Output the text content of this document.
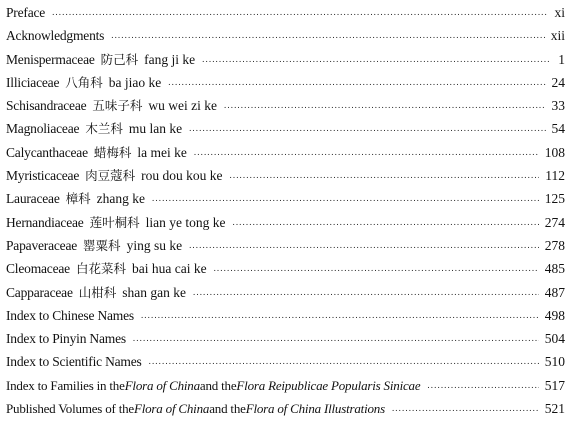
Preface .....	xi
Acknowledgments .....	xii
Menispermaceae 防己科 fang ji ke .....	1
Illiciaceae 八角科 ba jiao ke .....	24
Schisandraceae 五味子科 wu wei zi ke .....	33
Magnoliaceae 木兰科 mu lan ke .....	54
Calycanthaceae 蜡梅科 la mei ke .....	108
Myristicaceae 肉豆蔻科 rou dou kou ke .....	112
Lauraceae 樟科 zhang ke .....	125
Hernandiaceae 莲叶桐科 lian ye tong ke .....	274
Papaveraceae 罂粟科 ying su ke .....	278
Cleomaceae 白花菜科 bai hua cai ke .....	485
Capparaceae 山柑科 shan gan ke .....	487
Index to Chinese Names .....	498
Index to Pinyin Names .....	504
Index to Scientific Names .....	510
Index to Families in the Flora of China and the Flora Reipublicae Popularis Sinicae .....	517
Published Volumes of the Flora of China and the Flora of China Illustrations .....	521
